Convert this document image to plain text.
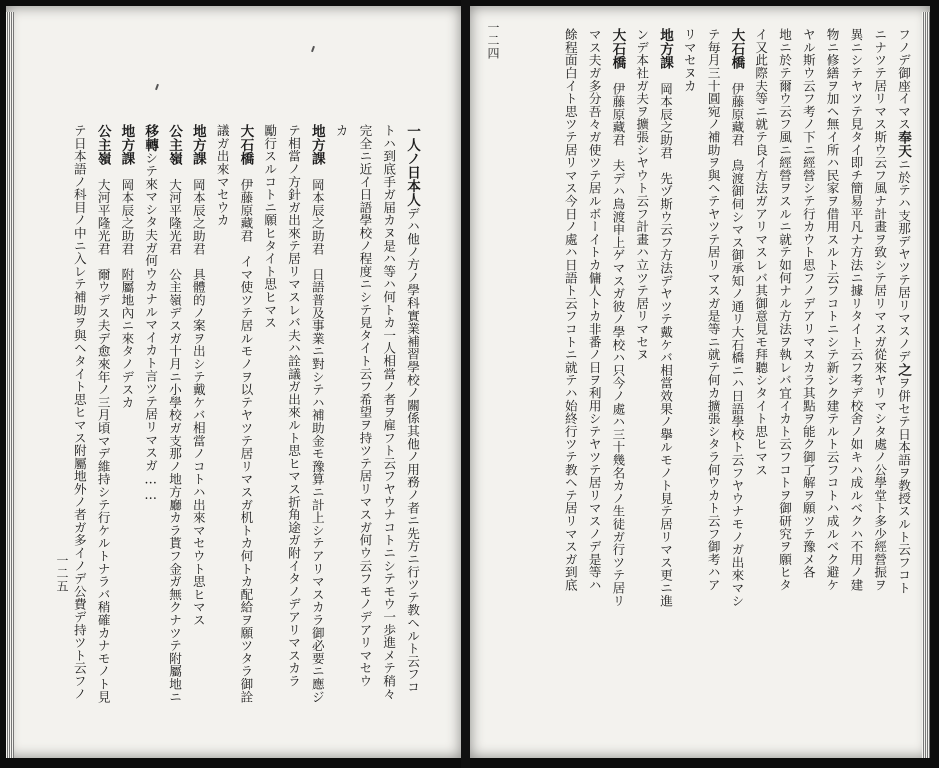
一二五

一人ノ日本人デハ他ノ方ノ學科實業補習學校ノ關係其他ノ用務ノ者ニ先方ニ行ツテ教ヘルト云フコ

トハ到底手ガ届カヌ是ハ等ハ何トカ一人相當ノ者ヲ雇フト云フヤウナコトニシテモウ一歩進メテ稍々

完全ニ近イ日語學校ノ程度ニシテ見タイト云フ希望ヲ持ツテ居リマスガ何ウ云フモノデアリマセウ

カ

地方課　岡本辰之助君　日語普及事業ニ對シテハ補助金モ豫算ニ計上シテアリマスカラ御必要ニ應ジ

テ相當ノ方針ガ出來テ居リマスレバ夫ハ詮議ガ出來ルト思ヒマス折角途ガ附イタノデアリマスカラ

勵行スルコトニ願ヒタイト思ヒマス

大石橋　伊藤原藏君　イマ使ツテ居ルモノヲ以テヤツテ居リマスガ机トカ何トカ配給ヲ願ツタラ御詮

議ガ出來マセウカ

地方課　岡本辰之助君　具體的ノ案ヲ出シテ戴ケバ相當ノコトハ出來マセウト思ヒマス

公主嶺　大河平隆光君　公主嶺デスガ十月ニ小學校ガ支那ノ地方廳カラ貰フ金ガ無クナツテ附屬地ニ

移轉シテ來マシタ夫ガ何ウカナルマイカト言ツテ居リマスガ……

地方課　岡本辰之助君　附屬地內ニ來タノデスカ

公主嶺　大河平隆光君　爾ウデス夫デ愈來年ノ三月頃マデ維持シテ行ケルトナラバ稍確カナモノト見

テ日本語ノ科目ノ中ニ入レテ補助ヲ與ヘタイト思ヒマス附屬地外ノ者ガ多イノデ公費デ持ツト云フノ

一二四	フノデ御座イマス奉天ニ於テハ支那デヤツテ居リマスノデ之ヲ併セテ日本語ヲ教授スルト云フコト

ニナツテ居リマス斯ウ云フ風ナ計畫ヲ致シテ居リマスガ從來ヤリマシタ處ノ公學堂ト多少經營振ヲ

異ニシテヤツテ見タイ即チ簡易平凡ナ方法ニ據リタイト云フ考デ校舍ノ如キハ成ルベクハ不用ノ建

物ニ修繕ヲ加ヘ無イ所ハ民家ヲ借用スルト云フコトニシテ新シク建テルト云フコトハ成ルベク避ケ

ヤル斯ウ云フ考ノ下ニ經營シテ行カウト思フノデアリマスカラ其點ヲ能ク御了解ヲ願ツテ豫メ各

地ニ於テ爾ウ云フ風ニ經營ヲスルニ就テ如何ナル方法ヲ執レバ宜イカト云フコトヲ御研究ヲ願ヒタ

イ又此際夫等ニ就テ良イ方法ガアリマスレバ其御意見モ拜聽シタイト思ヒマス

大石橋　伊藤原藏君　鳥渡御伺シマス御承知ノ通リ大石橋ニハ日語學校ト云フヤウナモノガ出來マシ

テ毎月三十圓宛ノ補助ヲ與ヘテヤツテ居リマスガ是等ニ就テ何カ擴張シタラ何ウカト云フ御考ハア

リマセヌカ

地方課　岡本辰之助君　先ヅ斯ウ云フ方法デヤツテ戴ケバ相當效果ノ擧ルモノト見テ居リマス更ニ進

ンデ本社ガ夫ヲ擴張シヤウト云フ計畫ハ立ツテ居リマセヌ

大石橋　伊藤原藏君　夫デハ鳥渡申上ゲマスガ彼ノ學校ハ只今ノ處ハ三十幾名カノ生徒ガ行ツテ居リ

マス夫ガ多分吾々ガ使ツテ居ルボーイトカ傭人トカ非番ノ日ヲ利用シテヤツテ居リマスノデ是等ハ

餘程面白イト思ツテ居リマス今日ノ處ハ日語ト云フコトニ就テハ始終行ツテ教ヘテ居リマスガ到底
